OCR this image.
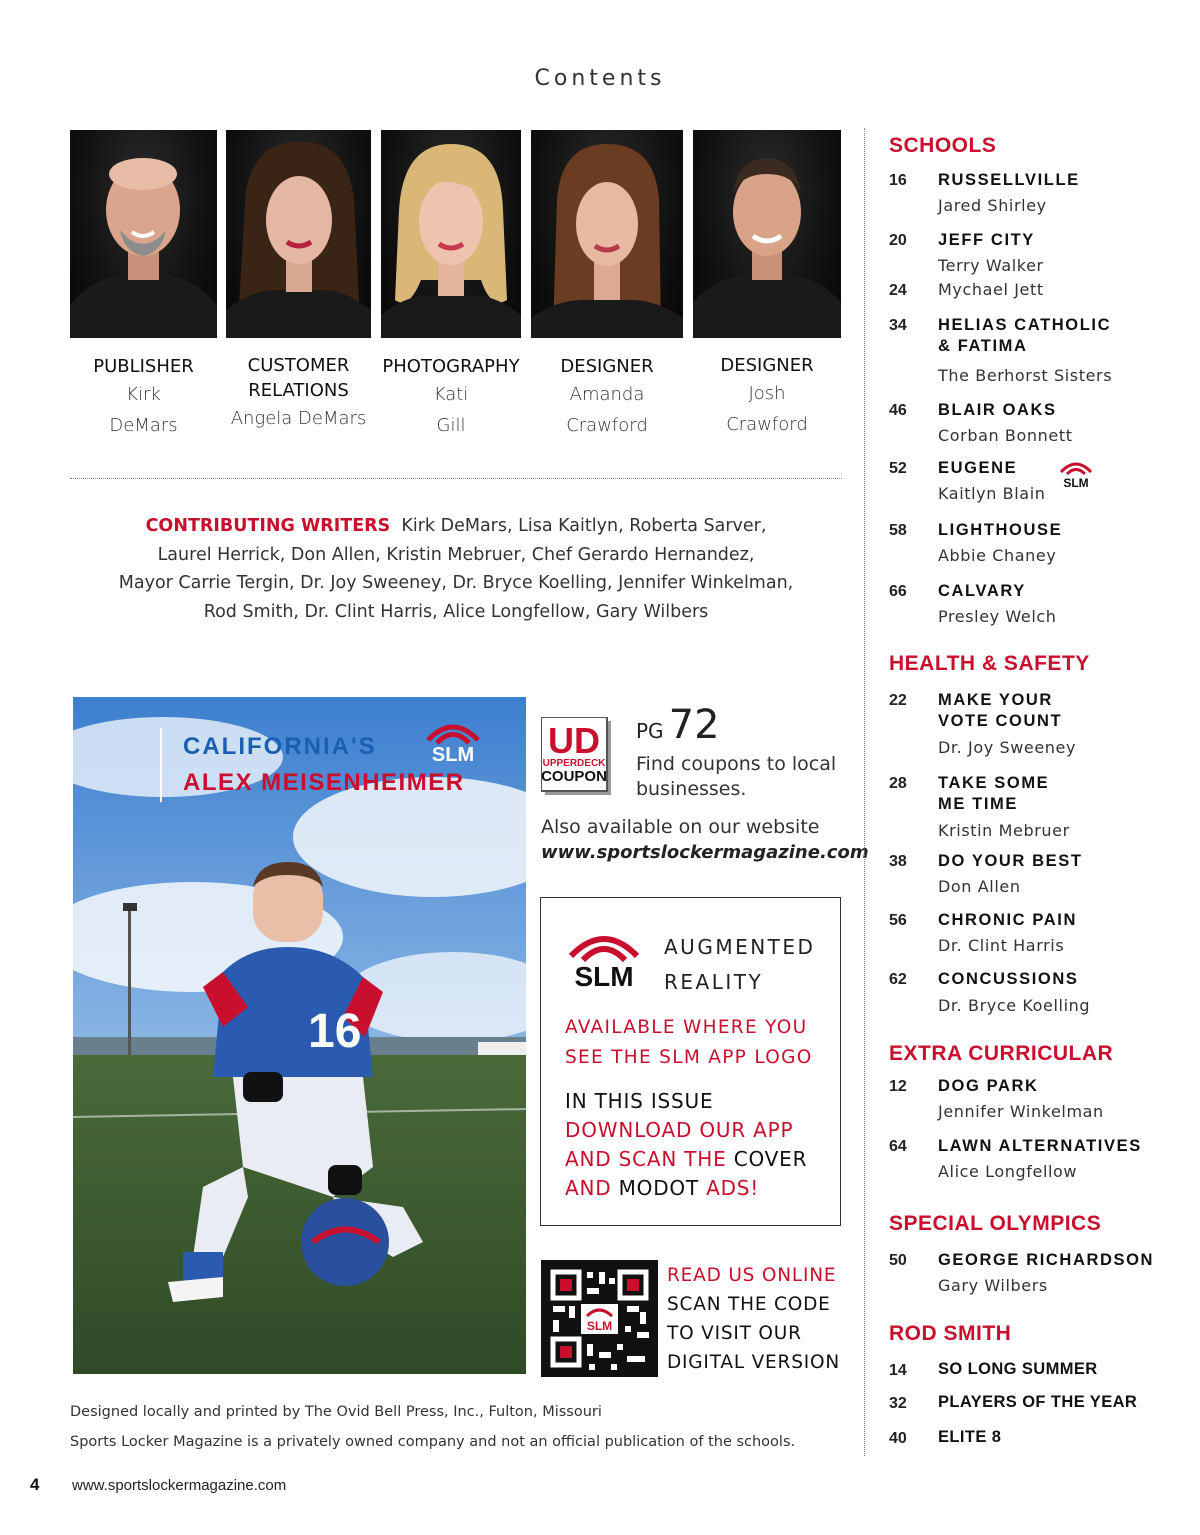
Contents
PUBLISHER
Kirk
DeMars
CUSTOMER RELATIONS
Angela DeMars
PHOTOGRAPHY
Kati
Gill
DESIGNER
Amanda
Crawford
DESIGNER
Josh
Crawford
CONTRIBUTING WRITERS Kirk DeMars, Lisa Kaitlyn, Roberta Sarver,
Laurel Herrick, Don Allen, Kristin Mebruer, Chef Gerardo Hernandez,
Mayor Carrie Tergin, Dr. Joy Sweeney, Dr. Bryce Koelling, Jennifer Winkelman,
Rod Smith, Dr. Clint Harris, Alice Longfellow, Gary Wilbers
16
6	CALIFORNIA'S
ALEX MEISENHEIMER
SLM UD
UPPERDECK
COUPON
PG 72
Find coupons to local businesses.
Also available on our website
www.sportslockermagazine.com
SLM
AUGMENTED
REALITY
AVAILABLE WHERE YOU
SEE THE SLM APP LOGO
IN THIS ISSUE
DOWNLOAD OUR APP
AND SCAN THE COVER
AND MODOT ADS!
SLM
READ US ONLINE
SCAN THE CODE
TO VISIT OUR
DIGITAL VERSION
Designed locally and printed by The Ovid Bell Press, Inc., Fulton, Missouri
Sports Locker Magazine is a privately owned company and not an official publication of the schools.
4 www.sportslockermagazine.com
SCHOOLS
16 RUSSELLVILLE
Jared Shirley
20 JEFF CITY
Terry Walker
24 Mychael Jett
34 HELIAS CATHOLIC
& FATIMA
The Berhorst Sisters
46 BLAIR OAKS
Corban Bonnett
52 EUGENE
SLM
Kaitlyn Blain
58 LIGHTHOUSE
Abbie Chaney
66 CALVARY
Presley Welch
HEALTH & SAFETY
22 MAKE YOUR
VOTE COUNT
Dr. Joy Sweeney
28 TAKE SOME
ME TIME
Kristin Mebruer
38 DO YOUR BEST
Don Allen
56 CHRONIC PAIN
Dr. Clint Harris
62 CONCUSSIONS
Dr. Bryce Koelling
EXTRA CURRICULAR
12 DOG PARK
Jennifer Winkelman
64 LAWN ALTERNATIVES
Alice Longfellow
SPECIAL OLYMPICS
50 GEORGE RICHARDSON
Gary Wilbers
ROD SMITH
14 SO LONG SUMMER
32 PLAYERS OF THE YEAR
40 ELITE 8
